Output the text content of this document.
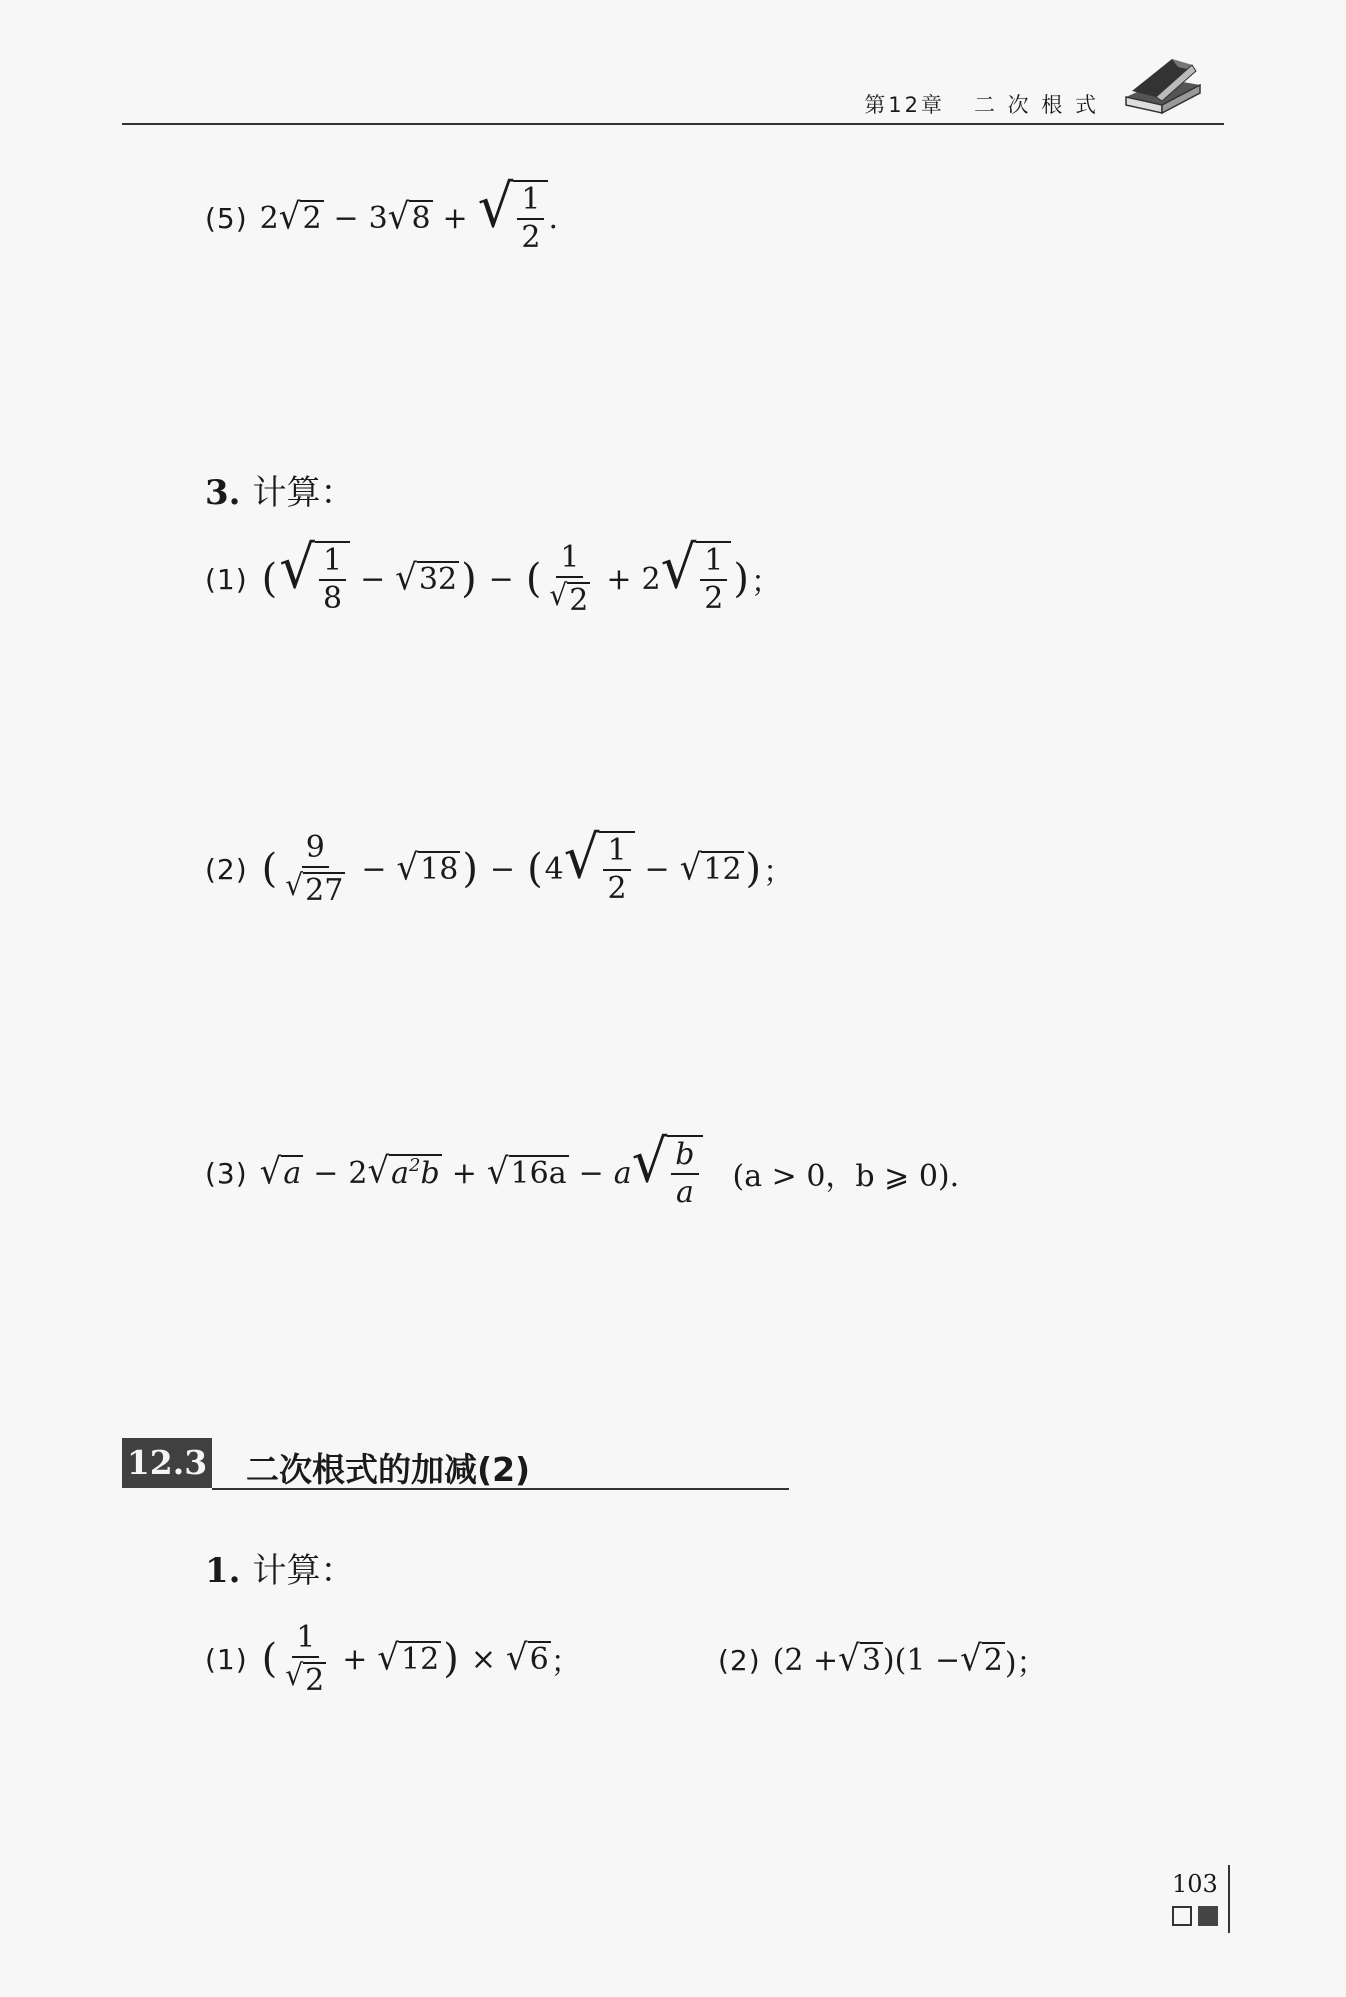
第12章 二 次 根 式
(5) 2 √ 2 − 3 √ 8 + √ $\frac{1}{2}$ .
3. 计算：
(1) ( √ $\frac{1}{8}$ − √ 32 ) − ( $\frac{1}{√ 2} + 2$ √ $\frac{1}{2}$ ) ；
(2) ( $\frac{9}{√ 27}$ − √ 18 ) − ( 4 √ $\frac{1}{2}$ − √ 12 ) ；
(3) √ a − 2 √ $a^2b$ + √ 16a − a √ $\frac{b}{a} (a > 0$，b ⩾ 0).
12.3 二次根式的加减(2)
1. 计算：
(1) ( $\frac{1}{√ 2}$ + √ 12 ) × √ 6 ；	(2) (2 + √ 3 )(1 − √ 2 )；
103
